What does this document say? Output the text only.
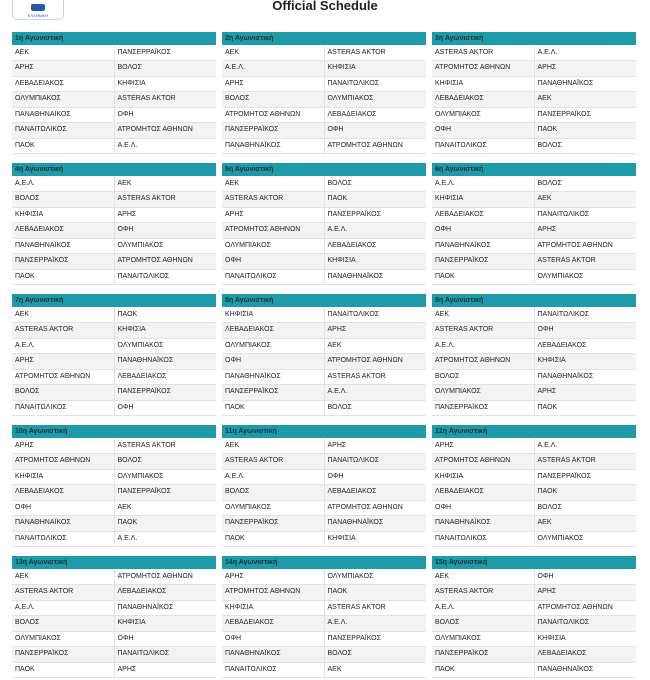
ΕΛΛΗΝΙΚΗ
Official Schedule
1η Αγωνιστική
ΑΕΚ	ΠΑΝΣΕΡΡΑΪΚΟΣ
ΑΡΗΣ	ΒΟΛΟΣ
ΛΕΒΑΔΕΙΑΚΟΣ	ΚΗΦΙΣΙΑ
ΟΛΥΜΠΙΑΚΟΣ	ASTERAS AKTOR
ΠΑΝΑΘΗΝΑΪΚΟΣ	ΟΦΗ
ΠΑΝΑΙΤΩΛΙΚΟΣ	ΑΤΡΟΜΗΤΟΣ ΑΘΗΝΩΝ
ΠΑΟΚ	Α.Ε.Λ.
2η Αγωνιστική
ΑΕΚ	ASTERAS AKTOR
Α.Ε.Λ.	ΚΗΦΙΣΙΑ
ΑΡΗΣ	ΠΑΝΑΙΤΩΛΙΚΟΣ
ΒΟΛΟΣ	ΟΛΥΜΠΙΑΚΟΣ
ΑΤΡΟΜΗΤΟΣ ΑΘΗΝΩΝ	ΛΕΒΑΔΕΙΑΚΟΣ
ΠΑΝΣΕΡΡΑΪΚΟΣ	ΟΦΗ
ΠΑΝΑΘΗΝΑΪΚΟΣ	ΑΤΡΟΜΗΤΟΣ ΑΘΗΝΩΝ
3η Αγωνιστική
ASTERAS AKTOR	Α.Ε.Λ.
ΑΤΡΟΜΗΤΟΣ ΑΘΗΝΩΝ	ΑΡΗΣ
ΚΗΦΙΣΙΑ	ΠΑΝΑΘΗΝΑΪΚΟΣ
ΛΕΒΑΔΕΙΑΚΟΣ	ΑΕΚ
ΟΛΥΜΠΙΑΚΟΣ	ΠΑΝΣΕΡΡΑΪΚΟΣ
ΟΦΗ	ΠΑΟΚ
ΠΑΝΑΙΤΩΛΙΚΟΣ	ΒΟΛΟΣ
4η Αγωνιστική
Α.Ε.Λ.	ΑΕΚ
ΒΟΛΟΣ	ASTERAS AKTOR
ΚΗΦΙΣΙΑ	ΑΡΗΣ
ΛΕΒΑΔΕΙΑΚΟΣ	ΟΦΗ
ΠΑΝΑΘΗΝΑΪΚΟΣ	ΟΛΥΜΠΙΑΚΟΣ
ΠΑΝΣΕΡΡΑΪΚΟΣ	ΑΤΡΟΜΗΤΟΣ ΑΘΗΝΩΝ
ΠΑΟΚ	ΠΑΝΑΙΤΩΛΙΚΟΣ
5η Αγωνιστική
ΑΕΚ	ΒΟΛΟΣ
ASTERAS AKTOR	ΠΑΟΚ
ΑΡΗΣ	ΠΑΝΣΕΡΡΑΪΚΟΣ
ΑΤΡΟΜΗΤΟΣ ΑΘΗΝΩΝ	Α.Ε.Λ.
ΟΛΥΜΠΙΑΚΟΣ	ΛΕΒΑΔΕΙΑΚΟΣ
ΟΦΗ	ΚΗΦΙΣΙΑ
ΠΑΝΑΙΤΩΛΙΚΟΣ	ΠΑΝΑΘΗΝΑΪΚΟΣ
6η Αγωνιστική
Α.Ε.Λ.	ΒΟΛΟΣ
ΚΗΦΙΣΙΑ	ΑΕΚ
ΛΕΒΑΔΕΙΑΚΟΣ	ΠΑΝΑΙΤΩΛΙΚΟΣ
ΟΦΗ	ΑΡΗΣ
ΠΑΝΑΘΗΝΑΪΚΟΣ	ΑΤΡΟΜΗΤΟΣ ΑΘΗΝΩΝ
ΠΑΝΣΕΡΡΑΪΚΟΣ	ASTERAS AKTOR
ΠΑΟΚ	ΟΛΥΜΠΙΑΚΟΣ
7η Αγωνιστική
ΑΕΚ	ΠΑΟΚ
ASTERAS AKTOR	ΚΗΦΙΣΙΑ
Α.Ε.Λ.	ΟΛΥΜΠΙΑΚΟΣ
ΑΡΗΣ	ΠΑΝΑΘΗΝΑΪΚΟΣ
ΑΤΡΟΜΗΤΟΣ ΑΘΗΝΩΝ	ΛΕΒΑΔΕΙΑΚΟΣ
ΒΟΛΟΣ	ΠΑΝΣΕΡΡΑΪΚΟΣ
ΠΑΝΑΙΤΩΛΙΚΟΣ	ΟΦΗ
8η Αγωνιστική
ΚΗΦΙΣΙΑ	ΠΑΝΑΙΤΩΛΙΚΟΣ
ΛΕΒΑΔΕΙΑΚΟΣ	ΑΡΗΣ
ΟΛΥΜΠΙΑΚΟΣ	ΑΕΚ
ΟΦΗ	ΑΤΡΟΜΗΤΟΣ ΑΘΗΝΩΝ
ΠΑΝΑΘΗΝΑΪΚΟΣ	ASTERAS AKTOR
ΠΑΝΣΕΡΡΑΪΚΟΣ	Α.Ε.Λ.
ΠΑΟΚ	ΒΟΛΟΣ
9η Αγωνιστική
ΑΕΚ	ΠΑΝΑΙΤΩΛΙΚΟΣ
ASTERAS AKTOR	ΟΦΗ
Α.Ε.Λ.	ΛΕΒΑΔΕΙΑΚΟΣ
ΑΤΡΟΜΗΤΟΣ ΑΘΗΝΩΝ	ΚΗΦΙΣΙΑ
ΒΟΛΟΣ	ΠΑΝΑΘΗΝΑΪΚΟΣ
ΟΛΥΜΠΙΑΚΟΣ	ΑΡΗΣ
ΠΑΝΣΕΡΡΑΪΚΟΣ	ΠΑΟΚ
10η Αγωνιστική
ΑΡΗΣ	ASTERAS AKTOR
ΑΤΡΟΜΗΤΟΣ ΑΘΗΝΩΝ	ΒΟΛΟΣ
ΚΗΦΙΣΙΑ	ΟΛΥΜΠΙΑΚΟΣ
ΛΕΒΑΔΕΙΑΚΟΣ	ΠΑΝΣΕΡΡΑΪΚΟΣ
ΟΦΗ	ΑΕΚ
ΠΑΝΑΘΗΝΑΪΚΟΣ	ΠΑΟΚ
ΠΑΝΑΙΤΩΛΙΚΟΣ	Α.Ε.Λ.
11η Αγωνιστική
ΑΕΚ	ΑΡΗΣ
ASTERAS AKTOR	ΠΑΝΑΙΤΩΛΙΚΟΣ
Α.Ε.Λ.	ΟΦΗ
ΒΟΛΟΣ	ΛΕΒΑΔΕΙΑΚΟΣ
ΟΛΥΜΠΙΑΚΟΣ	ΑΤΡΟΜΗΤΟΣ ΑΘΗΝΩΝ
ΠΑΝΣΕΡΡΑΪΚΟΣ	ΠΑΝΑΘΗΝΑΪΚΟΣ
ΠΑΟΚ	ΚΗΦΙΣΙΑ
12η Αγωνιστική
ΑΡΗΣ	Α.Ε.Λ.
ΑΤΡΟΜΗΤΟΣ ΑΘΗΝΩΝ	ASTERAS AKTOR
ΚΗΦΙΣΙΑ	ΠΑΝΣΕΡΡΑΪΚΟΣ
ΛΕΒΑΔΕΙΑΚΟΣ	ΠΑΟΚ
ΟΦΗ	ΒΟΛΟΣ
ΠΑΝΑΘΗΝΑΪΚΟΣ	ΑΕΚ
ΠΑΝΑΙΤΩΛΙΚΟΣ	ΟΛΥΜΠΙΑΚΟΣ
13η Αγωνιστική
ΑΕΚ	ΑΤΡΟΜΗΤΟΣ ΑΘΗΝΩΝ
ASTERAS AKTOR	ΛΕΒΑΔΕΙΑΚΟΣ
Α.Ε.Λ.	ΠΑΝΑΘΗΝΑΪΚΟΣ
ΒΟΛΟΣ	ΚΗΦΙΣΙΑ
ΟΛΥΜΠΙΑΚΟΣ	ΟΦΗ
ΠΑΝΣΕΡΡΑΪΚΟΣ	ΠΑΝΑΙΤΩΛΙΚΟΣ
ΠΑΟΚ	ΑΡΗΣ
14η Αγωνιστική
ΑΡΗΣ	ΟΛΥΜΠΙΑΚΟΣ
ΑΤΡΟΜΗΤΟΣ ΑΘΗΝΩΝ	ΠΑΟΚ
ΚΗΦΙΣΙΑ	ASTERAS AKTOR
ΛΕΒΑΔΕΙΑΚΟΣ	Α.Ε.Λ.
ΟΦΗ	ΠΑΝΣΕΡΡΑΪΚΟΣ
ΠΑΝΑΘΗΝΑΪΚΟΣ	ΒΟΛΟΣ
ΠΑΝΑΙΤΩΛΙΚΟΣ	ΑΕΚ
15η Αγωνιστική
ΑΕΚ	ΟΦΗ
ASTERAS AKTOR	ΑΡΗΣ
Α.Ε.Λ.	ΑΤΡΟΜΗΤΟΣ ΑΘΗΝΩΝ
ΒΟΛΟΣ	ΠΑΝΑΙΤΩΛΙΚΟΣ
ΟΛΥΜΠΙΑΚΟΣ	ΚΗΦΙΣΙΑ
ΠΑΝΣΕΡΡΑΪΚΟΣ	ΛΕΒΑΔΕΙΑΚΟΣ
ΠΑΟΚ	ΠΑΝΑΘΗΝΑΪΚΟΣ
